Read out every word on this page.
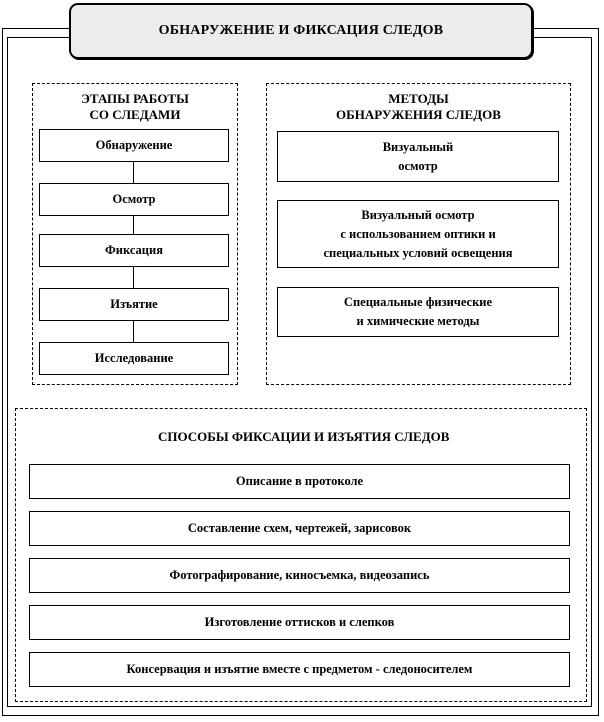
ОБНАРУЖЕНИЕ И ФИКСАЦИЯ СЛЕДОВ
ЭТАПЫ РАБОТЫ
СО СЛЕДАМИ
Обнаружение
Осмотр
Фиксация
Изъятие
Исследование
МЕТОДЫ
ОБНАРУЖЕНИЯ СЛЕДОВ
Визуальный
осмотр
Визуальный осмотр
с использованием оптики и
специальных условий освещения
Специальные физические
и химические методы
СПОСОБЫ ФИКСАЦИИ И ИЗЪЯТИЯ СЛЕДОВ
Описание в протоколе
Составление схем, чертежей, зарисовок
Фотографирование, киносъемка, видеозапись
Изготовление оттисков и слепков
Консервация и изъятие вместе с предметом - следоносителем
